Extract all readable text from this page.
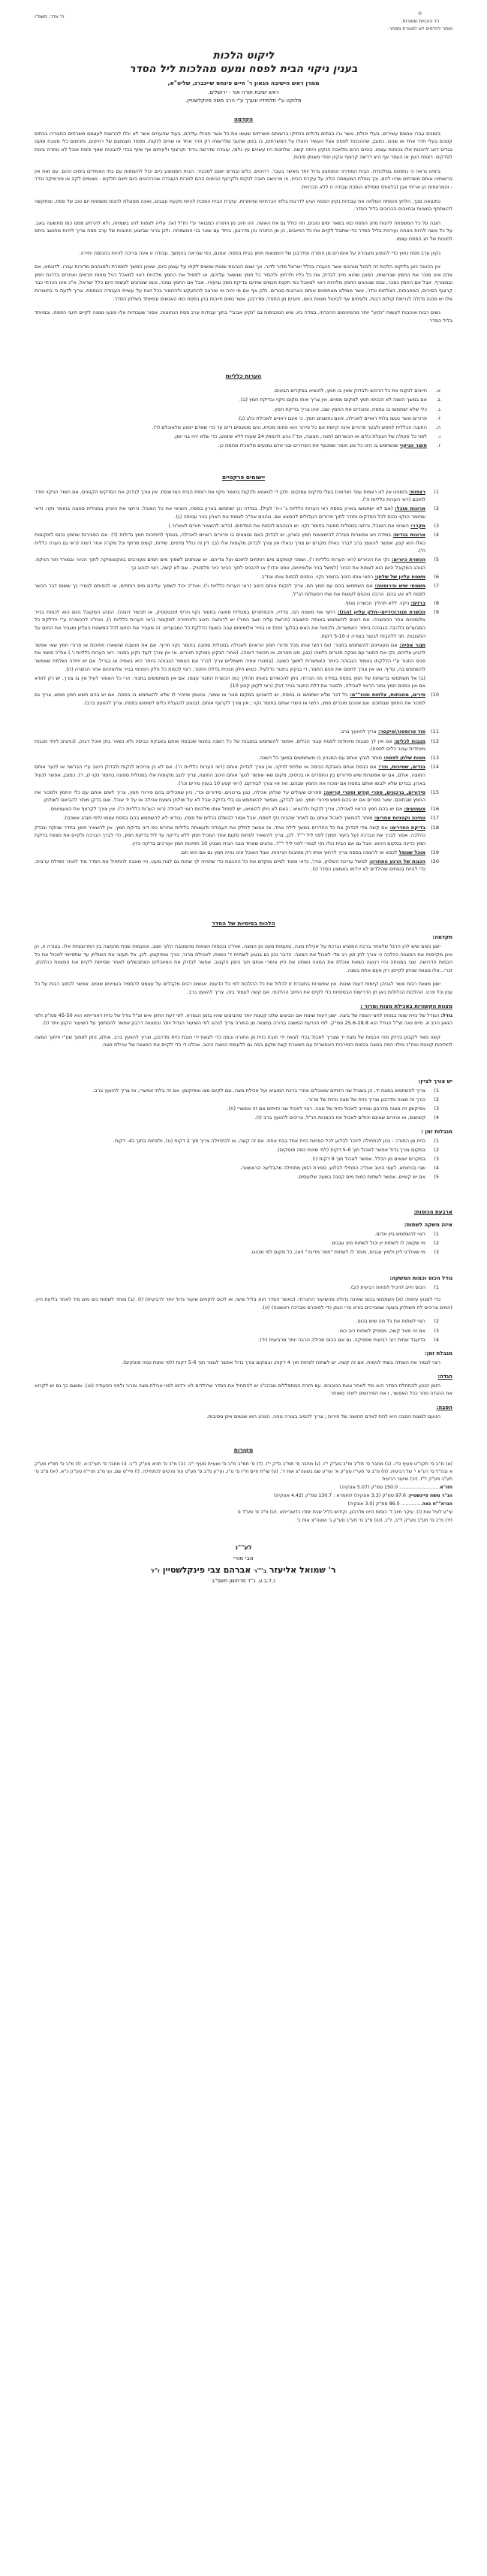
©
כל הזכויות שמורות.
מותר להדפיס לא למטרת מסחר.
ח' אדר, תשס"ו
ליקוט הלכות
בענין ניקוי הבית לפסח ומעט מהלכות ליל הסדר
ממרן ראש הישיבה הגאון ר' חיים פינחס שיינברג, שליט"א,
ראש ישיבת תורה אור - ירושלים.
מלוקט ע"י תלמידיו ונערך ע"י הרב משה פינקלשטיין.
הקדמה

בזמנים עברו אנשים עשירים, בעלי יכולת, אשר גרו בבתים גדולים החזיקו ברשותם משרתים שעשו את כל אשר חטילו עליהם, בעוד שהעניים אשר לא יכלו להרשות לעצמם משרתים התגוררו בבתים קטנים בעלי חדר אחד או שנים. כמובן, שההכנות לפסח אצל העשיר הוטלו על המשרתים, בו בזמן שהעני שלרשותו רק חדר אחד או שניים לנקות, מספר מצומצם של רהיטים, מינימום כלי מטבח ומעט בגדים דאג להכנות אלו בכוחות עצמו. בימים ההם מלאכת הנקיון היתה קשה. שלחנות היו עשויים עץ גלמי, עובדה שדרשה גירוד וקרצוף ולעיתים אף שיוף בכדי להבטיח שאף פיסת אוכל לא נותרה בינות לסדקים. רצפת העץ או העפר אף היא דרשה קרצוף ונקיון יסודי מאותן סיבות.

בימינו נראה כי נתפסנו במלכודת. הבית המודרני הממוצע גדול יותר מאשר בעבר. רהיטים, כלים ובגדים ישנם למכביר. הבית הממוצע כיום יכול להשתוות עם בתי האמידים בימים ההם. עם זאת אין ברשותינו אותם משרתים שהיו להם, וכך נופלת המעמסה כולה על עקרת הבית, וזו מרגישה חובה לנקות ולקרצף כבימים ההם למרות העובדה שהרהיטים כיום חינם חלקים - מצופים לקה או פורמיקה וכדו' - והמרצפות הן אריחי אבן (בלטות) וממילא הופכת עבודה זו ללא הכרחית.

כתוצאה מכך, הלחץ והמתח המלווה את עבודות נקיון הפסח הגיע לדרגות בלתי הכרחיות ומיותרות. עקרת הבית הופכת להיות פקעת עצבים, ואינה מסוגלת להנות משמחת יום טוב של פסח, ומתקשה להשתתף במצוות ובחיובים הכרוכים בליל הסדר.

חובה על כל המשפחה להנות מחג הפסח כמו בשאר ימים טובים, וזה כולל גם את האשה. זהו חיוב מן התורה כמבואר ע"י חז"ל (א). עליה לצפות לחג בשמחה, ולא להרתע ממנו כמו מתשעה באב. על כל אשה להיות נינוחה ועירנית בליל הסדר כדי שתוכל לקיים את כל החיובים, הן מן התורה והן מדרבנן, ביחד עם שאר בני המשפחה. ולכן ברור שביצוע החובות של ערב פסח צריך להיות מחושב ביחס לחובות של חג הפסח עצמו.

נקיון ערב פסח נחוץ כדי להמנע מעבירה על איסורים מן התורה ומדרבנן של הימצאות חמץ בבית בפסח. אמנם, כפי שנראה בהמשך, עבודה זו אינה צריכה להיות בהגזמה יתירה.

אין הכוונה כאן בליקוט הלכות זה לבטל מנהגים אשר הועברו בכלל ישראל מדור לדור. אך ישנם הנהגות שונות שנשים לקחו על עצמן כיום, שאינן המשך למסורת ולמנהגים מדורות עברו. לדוגמא, אם אדם אינו מוכר את החמץ שברשותו, כמובן שהוא חייב לבדוק את כל כליו ולרחוץ ולהסיר כל חמץ שנשאר עליהם, או לפסול את החמץ מלהיות ראוי למאכל רגיל מחות חרמים ואחרים בדרגת חמץ ובמצורף. אבל אם החמץ נמכר, ובמו שנוהגים החמץ מלהיות ראוי למאכל כפי תקנת חכמים שחייבו בדיקת חמץ וביעורו. אבל אם החמץ נמכר, וכמו שנוהגים לעשות היום כלל ישראל, א"כ אינו הכרחי כבר קרצוף הסירים, המחבתות, הצלחות וכדו', אשר ממילא מאחסנים אותם בארונות סגורים. ולכן אף אם מי יהיה מי שירצה להתעקש ולהחמיר בכל זאת על עשיית העבודה הנוספת, צריך לדעת כי בחומרות אלו יש סכנה גדולה לגרימת קולות רבות, ולעיתים אף לביטול מצוות היום, חיובים מן התורה ומדרבנן, אשר נשים חייבות בהן בפסח כמו האנשים ובמיוחד בשלחן הסדר.

נשים רבות אוהבות לעשות "נקיון" יותר מהמינימום ההכרחי, במדה כזו, שיש המכניסות גם "נקיון אביבי" בתוך עבודות ערב פסח הנחוצות. אסור שעבודות אלו ימנעו ממנה לקיים חיובי הפסח, ובמיוחד בליל הסדר.

הערות כלליות
א.
חייבים לנקות את כל הרכוש ולבדוק שאין בו חמץ, להוציא במקרים הבאים:
ב.
אם במשך השנה לא הכניסו חמץ למקום מסוים, אין צריך אותו מקום ניקוי ובדיקת חמץ (ב).
ג.
כלי שלא ישתמשו בו בפסח, ומוכרים את החמץ שבו, אינו צריך בדיקת חמץ.
ד.
פרורים אשר נעשו בלתי ראויים לאכילה, אינם נחשבים חמץ, כי אינם ראויים לאכילת כלב (ג).
ה.
החובה הכללית לחפש ולבער פרורים אינה קיימת אם כל פירור הוא פחות מכזית, והם מטונפים דיים עד כדי שאדם יימנע מלאוכלם (ד).
ו.
לפני כל פעולה של הגעלת כלים או הכשרתם (תנור, חצובה, וכד') נהוג להמתין 24 שעות ללא שימוש, כדי שלא יהיו בני יומן.
ז.
חומר הניקוי שנשתמש בו הינו כל סוג חומר שמטנף את הפרורים ובני אדם נמנעים מלאכלו מחמת כן.
יישומים פרקטיים
1)
רצפות: בזמנינו אין לנו רצפות עפר (אדמה) בעלי סדקים עמוקים. ולכן די לטאטא ולנקות בחומר ניקוי את רצפת הבית המרוצפת. אין צורך לבדוק את הסדקים הקטנים, אם חומר הניקוי חודר לתוכם (ראי הערות כלליות ה').
2)
ארונות אוכל: (אם לא ישתמשו בארון בפסח ראי הערות כלליות ג' ו-ה' לעיל). במידה וכן ישתמשו בארון בפסח, הוציאי את כל האוכל, ורחצי את הארון במטלית ספוגה בחומר נקוי. ודאי שחומר הנקוי נכנס לכל הסדקים וחודר לתוך פרורים העלולים להמצא שם. נוהגים אח"כ לצפות את הארון בניר עטיפה (ג).
3)
מקרר: הוציאי את האוכל, ורחצי במטלית ספוגה בחומר נקוי. יש הנוהגים לכסות את המדפים. (כדאי להשאיר חורים לאוורור.)
4)
ארונות בגדים: במידה ויש אפשרות סבירה להימצאות חמץ בארון, יש לבדוק באם נמצאים בו פרורים ראויים לאכילה, בנוסף לחתיכות חמץ גדולות (ד). אם הסבירות שחמץ נכנס למקומות כאלו הוא קטן, אפשר להוועץ ברב לברר באילו מקרים יש צורך ובאלו אין צורך לבדוק מקומות אלו (ב). דין זה כולל מדפים, שידות, קומת מרתף וכל מקרה אחר דומה (ראי גם הערה כללית ח').
5)
הכשרת כיורים: נקי את הכיורים (ראי הערות כלליות ו'), ושפכי קומקום מים רותחים לתוכם ועל צדיהם. יש שנותנים לשפוך מים חמים מעורבים באקונומיקה לתוך הכיור ובמורד חור הניקוז. הנוהג המקובל היום הוא לצפות את הכיור (למשל בניר אלומיניום, טפט וכדו') או להכניס לתוך הכיור כיור פלסטיק - אם לא קשה, רצוי לנהוג כך.
6)
משטח עליון של שלחן: רחצי אותו היטב בחומר נקוי. נותנים לכסות אותו אח"כ.
7)
משטחי שיש ונירוסטה: אם השתמשו בהם עם חמץ חם, צריך לנקות אותם היטב (ראי הערות כלליות ו'), ואח"כ יכול לשפוך עליהם מים רותחים, או לכסותם לגמרי כך ששום דבר הכשר לפסח לא יגע בהם. הרבה נוהגים לעשות את שתי הפעולות הנ"ל.
8)
ברזים: ניקוי. ללא תהליך הכשרה נוסף.
9)
הכשרת תנור\כיריים--חלק עליון (הגז): רחצי את משטח הגז, צדדיו, והכפתורים במטלית ספוגה בחומר נקוי חריף (פנטסטיק, או תכשיר דומה). הנוהג המקובל היום הוא לכסות בנייר אלומיניום אחר החכשרה. אם רוצים להשתמש באותה החצובה (הרשת עליה יושב הסיר) יש לרוחצה היטב ולהחזירה למקומה (ראי הערות כלליות ו'), ואח"כ להכשירה ע"י הדלקת כל המבערים בלהבה הגבוהה ביותר האפשרית, ולכסות את האש בבלעך (פח) או בנייר אלומיניום עבה בשעת הדלקת כל המבערים. זה מעביר את החום לכל המשטח העליון ומגביר את החום על החצובות. תני ללהבות לבעור בצורה זו 5-10 דקות.
תנור אפיה: אם מעוניינים להשתמש בתנור: (א) רחצי אותו מכל פרורי חמץ הראוים לאכילה במטלית ספוגה בחומר נקוי חריף. אם את חושבת שנשארו חתיכות או פרורי חמץ שאי אפשר להגיע אליהם, נקי את התנור עם מנקה תנורים כלשהו (כגון, סנו תנורים, או תכשיר דומה). (אחרי הנקיון במנקה תנורים, אז אין צורך לעוד נקיון בתנור. ראי הערות כלליות ו'.) אח"כ חממי את פנים התנור ע"י הדלקתו בטמפ' הגבוהה ביותר האפשרית למשך כשעה. [בתנורי אפיה חשמליים צריך לברר אם הטמפ' הגבוהה ביותר היא באפיה או בגריל. אם יש יחידה נשלפת שאפשר להשתמש בה, עדיף. ואו אין צורך לחמם את פנים התנור, די בנקיון בתנור כדלעיל. כשיש חלון זכוכית בדלת התנור, רצוי לכסות כל חלק הפנימי בנייר אלומיניום אחר הכשרה (ה).
(ב) אל תשתמשי ברשתות של חמץ בפסח במידה וזה הכרחי, ניתן להכשירם באותו תהליך כמו הכשרת התנור עצמו. אם אין משתמשים בתנור: הרי כל האמור לעיל אין בו צורך, יש רק לוודא אם אין בפנים חמץ גמור הראוי לאכילה, ולסגור את דלת התנור בנייר דבק (ראי לקמן קטע 10).
10)
סירים, מחבתות, צלחות וסכו""ם: כל דבר שלא ישתמשו בו בפסח, יש להצניעו במקום סגור או שמור, ובאופן שיזכיר לו שלא להשתמש בו בפסח. אם יש בהם חשש חמץ ממש, צריך גם למכור את החמץ שבתוכם. אם אינכם מוכרים חמץ, רחצי או השרי אותם בחומר נקוי ; אין צורך לקרצף אותם. (בנוגע להגעלת כלים לשימוש בפסח, צריך להוועץ ברב).
11)
פוד פרוססור\מיקסר: צריך להוועץ ברב.
12)
מגבות לכלים: אם אין לך מגבות מיוחדות לפסח עבור הכלים, אפשר להשתמש במגבות של כל השנה בתנאי שכבסת אותם באבקת כביסה ולא נשאר בתן אוכל דבוק. (נוהגים ליחד מגבות מיוחדות עבור כלים לפסח).
13)
מפות שלחן לפסח: מותר לגהץ אותם עם המגהץ בו משתמשים במשך כל השנה.
14)
בגדים, שמיכות, וכו': אם כבסת אותם באבקת כביסה או שלחת לניקוי, אין צורך לבדוק אותם (ראי הערות כלליות ה'). אם לא כן צריכים לנקות ולבדוק היטב ע"י הברשה או לנער אותם החוצה. אולם, אם יש אפשרות שיש פירורים בין התפרים או בכיסים, מקום שאי אפשר לנער אותם היטב החוצה, צריך לנגב מקומות אלו במטלית ספוגה בחומר נקוי (ג, ד). כמובן, אפשר לנעול בארון, בגדים שלא ילבשו אותם בפסח אם ימכרו את החמץ שבהם, ואז איו צורך לבודקם. (ראי קטע 10 בענין סירים וכו').
15)
סידורים, ברכונים, ספרי קודש וספרי קריאה: ספרים שעולים על שולחן אכילה, כגון ברכונים, סידורים וכד', כיון שמכילים בהם פירורי חמץ, צריך לשים אותם עם כלי החמץ ולמכור את החמץ שבתוכם. שאר ספרים אם יש בהם חשש פירורי חמץ, טוב לבדקן, ואפשר להשתמש גם בלי בדיקה אבל לא על שולחן בשעת אכילה או על יד אוכל, ואם בדקן מותר להביאם לשולחן.
16)
צעצועים: אם יש בהם חמץ הראוי לאכילה, צריך לנקות ולהוציא ; באם לא ניתן להוציאו, יש לפסול אותו מלהיות ראוי לאכילה (ראי הערות כלליות ה'). אין צורך לקרצף את הצעצועים.
17)
טחינה וקטניות אחרים: מותר להמשיך לאכול אותם גם לאחר שהבית נקי לפסח, אבל אסור לבשלם בכלים של פסח, ובודאי לא להשתמש בהם בפסח עצמו (לפי מנהג אשכנז).
18)
בדיקת החדרים: אם קשה מדי לבדוק את כל החדרים במשך לילה אחד, אז אפשר לחלק את העבודה ולעשותה בלילות אחרים כפי דיני בדיקת חמץ. אין להשאיר חמץ בחדר שנוקה ונבדק כהלכה. אסור לברך את הברכה (על ביעור חמץ) לפני ליל י""ד. לכן, צריך להשאיר לפחות מקום אחד המכיל חמץ ללא בדיקה עד ליל בדיקת חמץ, כדי לברך הברכה ולקיים את מצוות בדיקת חמץ כדינה במקום ההוא. אבל גם אם הבית כולו נקי לגמרי לפני ליל י""ד, נוהגים שאחד מבני הבית מצניע 10 חתיכות חמץ ועורכים בדיקה כדין.
19)
אוכל שנופל לכסא או לרצפה בפסח צריך לרחוץ אותו רק מסיבות הגייניות. אבל האוכל אינו נהיה חמץ גם אם הוא חם.
20)
הכנות של הרגע האחרון: למשל עריכת השלחן, וכדו', כדאי מאוד לסיים מוקדם את כל ההכנות כדי שתהיה לך שהות גם לנוח מעט. היי מוכנה להתחיל את הסדר מיד לאחר תפילת ערבית, כדי להיות בטוחים שהילדים לא ירדמו באמצע הסדר (ו).
הלכות בסיסיות של הסדר
תקדמה:

ישנן נשים שיש להן הרגל שלאחר ברכת המוציא וברכת על אכילת מצה, טועמות מעט מן המצה, ואח"כ נכנסות ויוצאות מהמטבח הלוך ושוב, וטועמות שנית מהמצה בין התרוצציות אלו. בצורה זו, הן אינן מקיימות את המצווה כהלכה כי אורך לחן זמן רב מדי לאכול את המצה. הדבר נכון גם בנוגע לשתיית ד' כוסות, לאכילת מרור, כורך ואפיקומן. לכן, אל תעזבי את השולחן עד שתסיימי לאכול את כל הכמות הדרושה. שבי במנוחה והיי רגועה כשאת אוכלת את המצה ושותה את היין וגימרי אותם תוך הזמן הקצוב. אפשר לבדוק את המאכלים המתבשלים לאחר שסיימת לקיים את המצוות כהלכתן. זכרי...אלו מצוות שניתן לקיימן רק פעם אחת בשנה.

ישנן מצוות רבות אשר לגביהן קיימות דעות שונות. אין אפשרות בחוברת זו לכלול את כל ההלכות לפי כל הדעות. אנשים רבים מקבלים על עצמם להחמיר בעניינים שונים. אפשר לכתוב רבות על כל ענין וכל פרט. ההלכות הכלולות כאן תן הדרישות הבסיסיות כדי לקיים את החיוב ההלכתי. אם קשה לעמוד בזה, צריך להוועץ ברב.

מצוות הקשורות באכילת מצות ומרור :

גודל: הגודל של כזית שווה בנפחו לחצי הנפח של ביצה. ישנן דעות שונות אם הביצים שלנו קטנות יותר מהביצים שהיו בזמן הגמרא. לפי דעת החזון איש זצ"ל גודל של כזית דאורייתא הוא 45-50 סמ"ק ולפי הגאון הרב א. חיים נאה זצ"ל הגודל הוא 25.6-28.8 סמ"ק. לפי הכרעת המשנה ברורה במצווה מן התורה צריך לנהוג לפי השיעור הגדול יותר ובמצווה דרבנן אפשר להסתמך על השיעור הקטן יותר (ז).

קשה מאד לקבוע בדיוק מהי הכמות של מצת יד שצריך לאכול בכדי לצאת ידי חובת כזית מן התורה וכמה כדי לצאת ידי חובת כזית מדרבנן, וצריך להוועץ ברב. אולם, ניתן לסמוך שע"י חיתוך המצה לחתיכות קטנות ואח"כ מילוי הפה במצה בכמות המירבית האפשרית עם חשארת קצת מקום בפה גם ללעיסת המצה היטב, אכלנו די כדי לקיים את המצווה של אכילת מצה.

יש צורך לציין:
1)
צריך להשתמש במצת יד, הן בשביל שני הזיתים שאוכלים אחרי ברכת המוציא ועל אכילת מצה, וגם לקיום מצו ואפיקומן. אם זה בלתי אפשרי, אז צריך להוועץ ברב.
2)
כורך זה מצוה מדרבנן וצריך כזית של מצה וכזית של מרור.
3)
אפיקומן זה מצוה מדרבנן ומחייב לאכול כזית של מצה. רצוי לאכול שני כזיתים אם זה אפשרי (ח).
4)
קשישים, או אחרים שאינם יכולים לאכול את הכמויות הנ"ל, צריכים להוועץ ברב (ז).
מגבלות זמן :
1)
כזית מן התורה : נכון לכתחילה ליזהר לבלוע לכל הפחות כזית אחד בבת אחת. אם זה קשה, או לכתחילה צריך תוך 2 דקות (ט), ולפחות בתוך כ4- דקות.
2)
במקום צורך גדול אפשר לאכול תוך 5-6 דקות (לפי שיטת כמה פוסקים).
3)
במקרים יוצאים מן הכלל, אפשר לאכול תוך 9 דקות (י).
4)
שבי בניחותא, לעסי היטב ואח"כ התחילי לבלוע. ספירת הזמן מתחילה מהבליעה הראשונה.
5)
אם יש קשיים, אפשר לשתות כמות מים קטנה בשעה שלועסים.
ארבעת הכוסות:
איזה משקה לשתות:
1)
רצוי להשתמש ביין אדום.
2)
מי שקשה לו לשתות יין יכול לשתות מיץ ענבים.
3)
מי שאלרגי ליין ולמיץ ענבים, מותר לו לשתות "חמר מדינה" (יא), כל מקום לפי מנהגו.
גודל הכוס וכמות המשקה:
1)
הכוס חייב להכיל לפחות רביעית (יב).

כדי למנוע עיפות: (א) השתמשי בכוס שאינה גדולה מהשיעור החכרחי. (כאשר הסדר הוא בליל שישי, או לכוס לוקחים שיעור גדול יותר לרביעית) (ז). (ב) מותר לשתות כוס מים מיד לאחר בליעת היין. (המים צריכים לח חשולחן בשעה שמברכים בורא פרי הגפן כדי לפוטרם מברכה ראשונה) (יג).

2)
רצוי לשתות את כל מה שיש בכוס.
3)
אם זה מאד קשה, מספיק לשתות רוב כוס.
4)
בדיעבד שתית רוב רביעית מספיקה, גם אם הכוס מכילה הרבה יותר מרביעית (יד).
מגבלת זמן:

רצוי לגמור את השתיה בשתי לגימות. אם זה קשה, יש לשתות לפחות תוך 4 דקות, ובמקום צורך גדול אפשר לגמור תוך 5-6 דקות (לפי שיטת כמה פוסקים).

הגדה:

הזמן הנכון להתחלת הסדר הוא מיד לאחר צאת הכוכבים. עם חזרת המתפללים מבהכ"נ יש להתחיל את הסדר שהילדים לא ירדמו לפני אכילת מצה ומרור ולפני הסעודה (טו). ומשום כך גם יש לקרוא את ההגדה מהר ככל האפשר, ו את הפירושים ליותר מאוחר.

הסבה:

הטעם למצות הסבה היא לתת לאדם תחושה של חירות ; צריך להסיב בצורה נוחה. הנוהג הוא שנשים אינן מסיבות.

מקורות

(א) מ"ב ס' תקכ"ט סעיף ט"ו. (ב) מחבר ס' תל"ג ומ"ב סע"ק י"ז. (ג) מחבר ס' תמ"ב ס"ק י"ז. (ד) ס' תמ"ב מ"ב ס' ושעיית סעיף י"ב. (ה) מ"ב ס' תניא סע"ק ל"ב. (ו) מחבר ס' תעי"ב:א. (ז) מ"ב ס' תפ"יו סע"ק א ובה"ל ס' רע"א י' של רביעית. (ח) מ"ב ס' תעי"ז סע"ק א' ועי"ע שם בשעה"צ אות ד'. (ט) שו"ת חיים חי"ו ס' ט"ז, ועי"ע מ"ב ס' תע"ט עוד פרטים לכתחילה. (י) חיי"ס שם, ועי מ"ב תרי"ח סע"ק כ"א. (יא) מ"ב ס' תע"ב סע"ק ל"ז. (יב) שיעור רביעית

חזו"א........................... 150.0 סמ"ק (5.07 אונקיה)

הג"ר משה פיינשטיין: 97.6 סמ"ק (3.3 אונקיה) לחומרא : 130.7 סמ"ק (4.42 אונקיה)

הגרא""ח נאה.............. 86.0 סמ"ק (3.0 אונקיה)

עי"ע לעיל אות (ז). עיקר חיוב ד' כוסות היינו מדרבנן, וקידוש בליל שבת יסודו בדאורייתא. (יג) מ"ב ס' סע"ד ס

(יד) מ"ב ס' תע"ב סע"ק ל"ב, ל"ג. (טו) מ"ב ס' תע"ב סע"ק ג' ושעה"צ אות ב'.

לע""נ
אבי מורי
ר' שמואל אליעזר ב""ר אברהם צבי פינקלשטיין ז"ל
נ.ל.ב.ע. כ"ד מרחשון תשס"ב
